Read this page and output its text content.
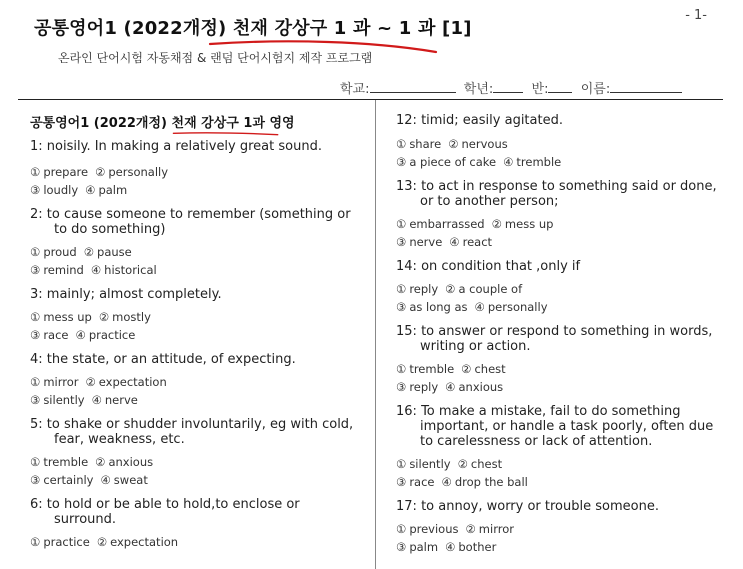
- 1-
공통영어1 (2022개정) 천재 강상구 1 과 ~ 1 과 [1]
온라인 단어시험 자동채점 & 랜덤 단어시험지 제작 프로그램
학교:	학년:	반: 이름:
공통영어1 (2022개정) 천재 강상구 1과 영영
1: noisily. In making a relatively great sound.
① prepare ② personally
③ loudly ④ palm
2: to cause someone to remember (something or to do something)
① proud ② pause
③ remind ④ historical
3: mainly; almost completely.
① mess up ② mostly
③ race ④ practice
4: the state, or an attitude, of expecting.
① mirror ② expectation
③ silently ④ nerve
5: to shake or shudder involuntarily, eg with cold, fear, weakness, etc.
① tremble ② anxious
③ certainly ④ sweat
6: to hold or be able to hold,to enclose or surround.
① practice ② expectation
12: timid; easily agitated.
① share ② nervous
③ a piece of cake ④ tremble
13: to act in response to something said or done, or to another person;
① embarrassed ② mess up
③ nerve ④ react
14: on condition that ,only if
① reply ② a couple of
③ as long as ④ personally
15: to answer or respond to something in words, writing or action.
① tremble ② chest
③ reply ④ anxious
16: To make a mistake, fail to do something important, or handle a task poorly, often due to carelessness or lack of attention.
① silently ② chest
③ race ④ drop the ball
17: to annoy, worry or trouble someone.
① previous ② mirror
③ palm ④ bother
